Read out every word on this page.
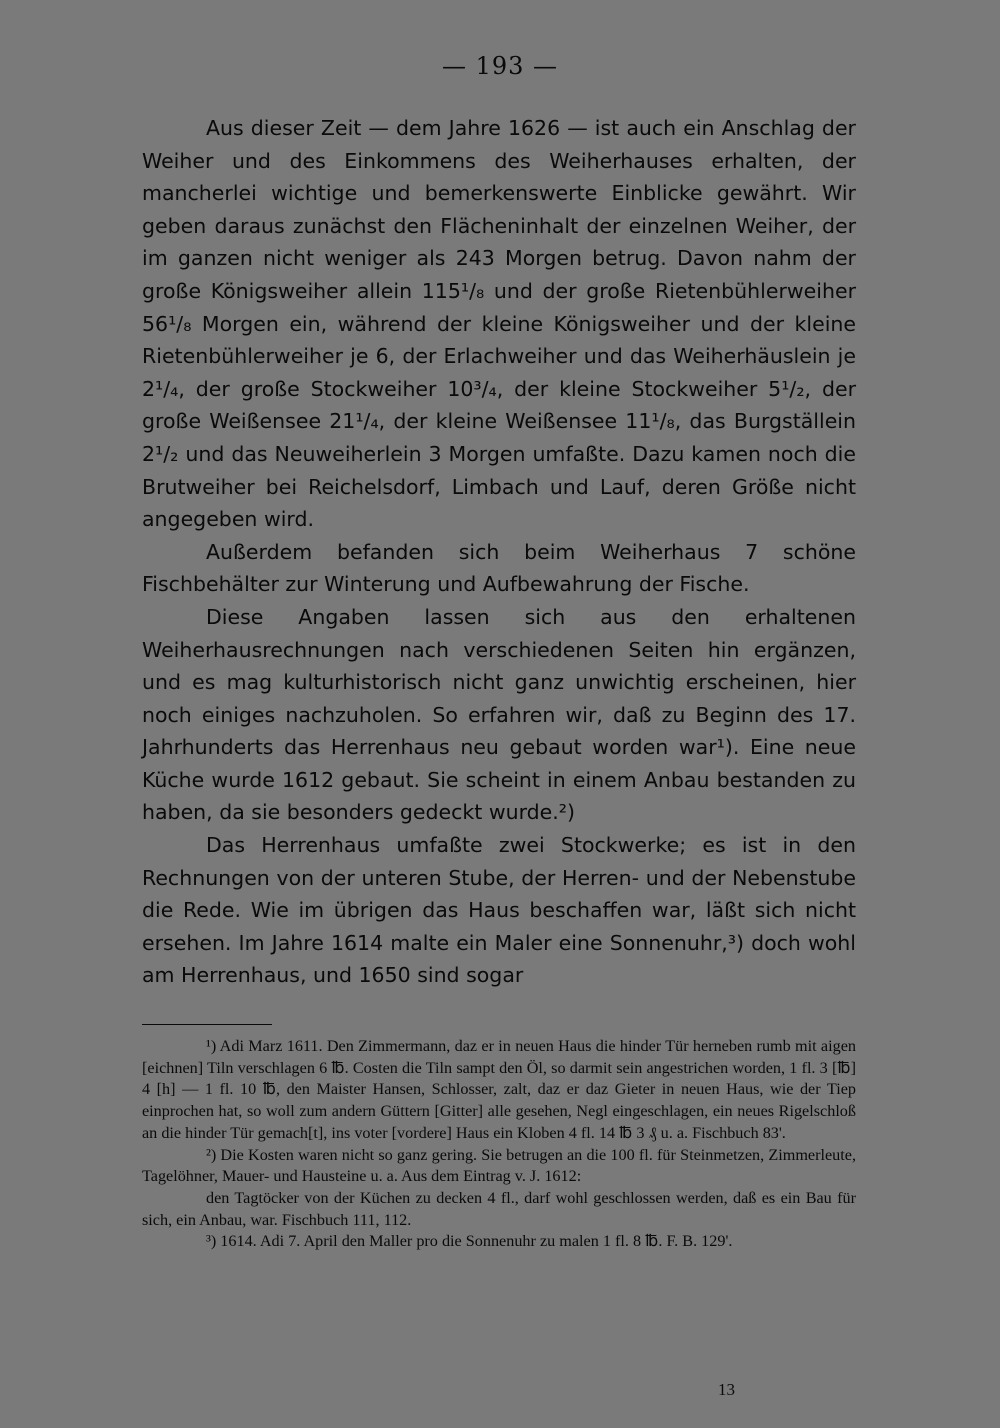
— 193 —

Aus dieser Zeit — dem Jahre 1626 — ist auch ein Anschlag der Weiher und des Einkommens des Weiherhauses erhalten, der mancherlei wichtige und bemerkenswerte Einblicke gewährt. Wir geben daraus zunächst den Flächeninhalt der einzelnen Weiher, der im ganzen nicht weniger als 243 Morgen betrug. Davon nahm der große Königsweiher allein 115¹/₈ und der große Rietenbühlerweiher 56¹/₈ Morgen ein, während der kleine Königsweiher und der kleine Rietenbühlerweiher je 6, der Erlachweiher und das Weiherhäuslein je 2¹/₄, der große Stockweiher 10³/₄, der kleine Stockweiher 5¹/₂, der große Weißensee 21¹/₄, der kleine Weißensee 11¹/₈, das Burgställein 2¹/₂ und das Neuweiherlein 3 Morgen umfaßte. Dazu kamen noch die Brutweiher bei Reichelsdorf, Limbach und Lauf, deren Größe nicht angegeben wird.

Außerdem befanden sich beim Weiherhaus 7 schöne Fischbehälter zur Winterung und Aufbewahrung der Fische.

Diese Angaben lassen sich aus den erhaltenen Weiherhausrechnungen nach verschiedenen Seiten hin ergänzen, und es mag kulturhistorisch nicht ganz unwichtig erscheinen, hier noch einiges nachzuholen. So erfahren wir, daß zu Beginn des 17. Jahrhunderts das Herrenhaus neu gebaut worden war¹). Eine neue Küche wurde 1612 gebaut. Sie scheint in einem Anbau bestanden zu haben, da sie besonders gedeckt wurde.²)

Das Herrenhaus umfaßte zwei Stockwerke; es ist in den Rechnungen von der unteren Stube, der Herren- und der Nebenstube die Rede. Wie im übrigen das Haus beschaffen war, läßt sich nicht ersehen. Im Jahre 1614 malte ein Maler eine Sonnenuhr,³) doch wohl am Herrenhaus, und 1650 sind sogar

¹) Adi Marz 1611. Den Zimmermann, daz er in neuen Haus die hinder Tür herneben rumb mit aigen [eichnen] Tiln verschlagen 6 ℔. Costen die Tiln sampt den Öl, so darmit sein angestrichen worden, 1 fl. 3 [℔] 4 [h] — 1 fl. 10 ℔, den Maister Hansen, Schlosser, zalt, daz er daz Gieter in neuen Haus, wie der Tiep einprochen hat, so woll zum andern Güttern [Gitter] alle gesehen, Negl eingeschlagen, ein neues Rigelschloß an die hinder Tür gemach[t], ins voter [vordere] Haus ein Kloben 4 fl. 14 ℔ 3 ₰ u. a. Fischbuch 83'.

²) Die Kosten waren nicht so ganz gering. Sie betrugen an die 100 fl. für Steinmetzen, Zimmerleute, Tagelöhner, Mauer- und Hausteine u. a. Aus dem Eintrag v. J. 1612:

den Tagtöcker von der Küchen zu decken 4 fl., darf wohl geschlossen werden, daß es ein Bau für sich, ein Anbau, war. Fischbuch 111, 112.

³) 1614. Adi 7. April den Maller pro die Sonnenuhr zu malen 1 fl. 8 ℔. F. B. 129'.

13
